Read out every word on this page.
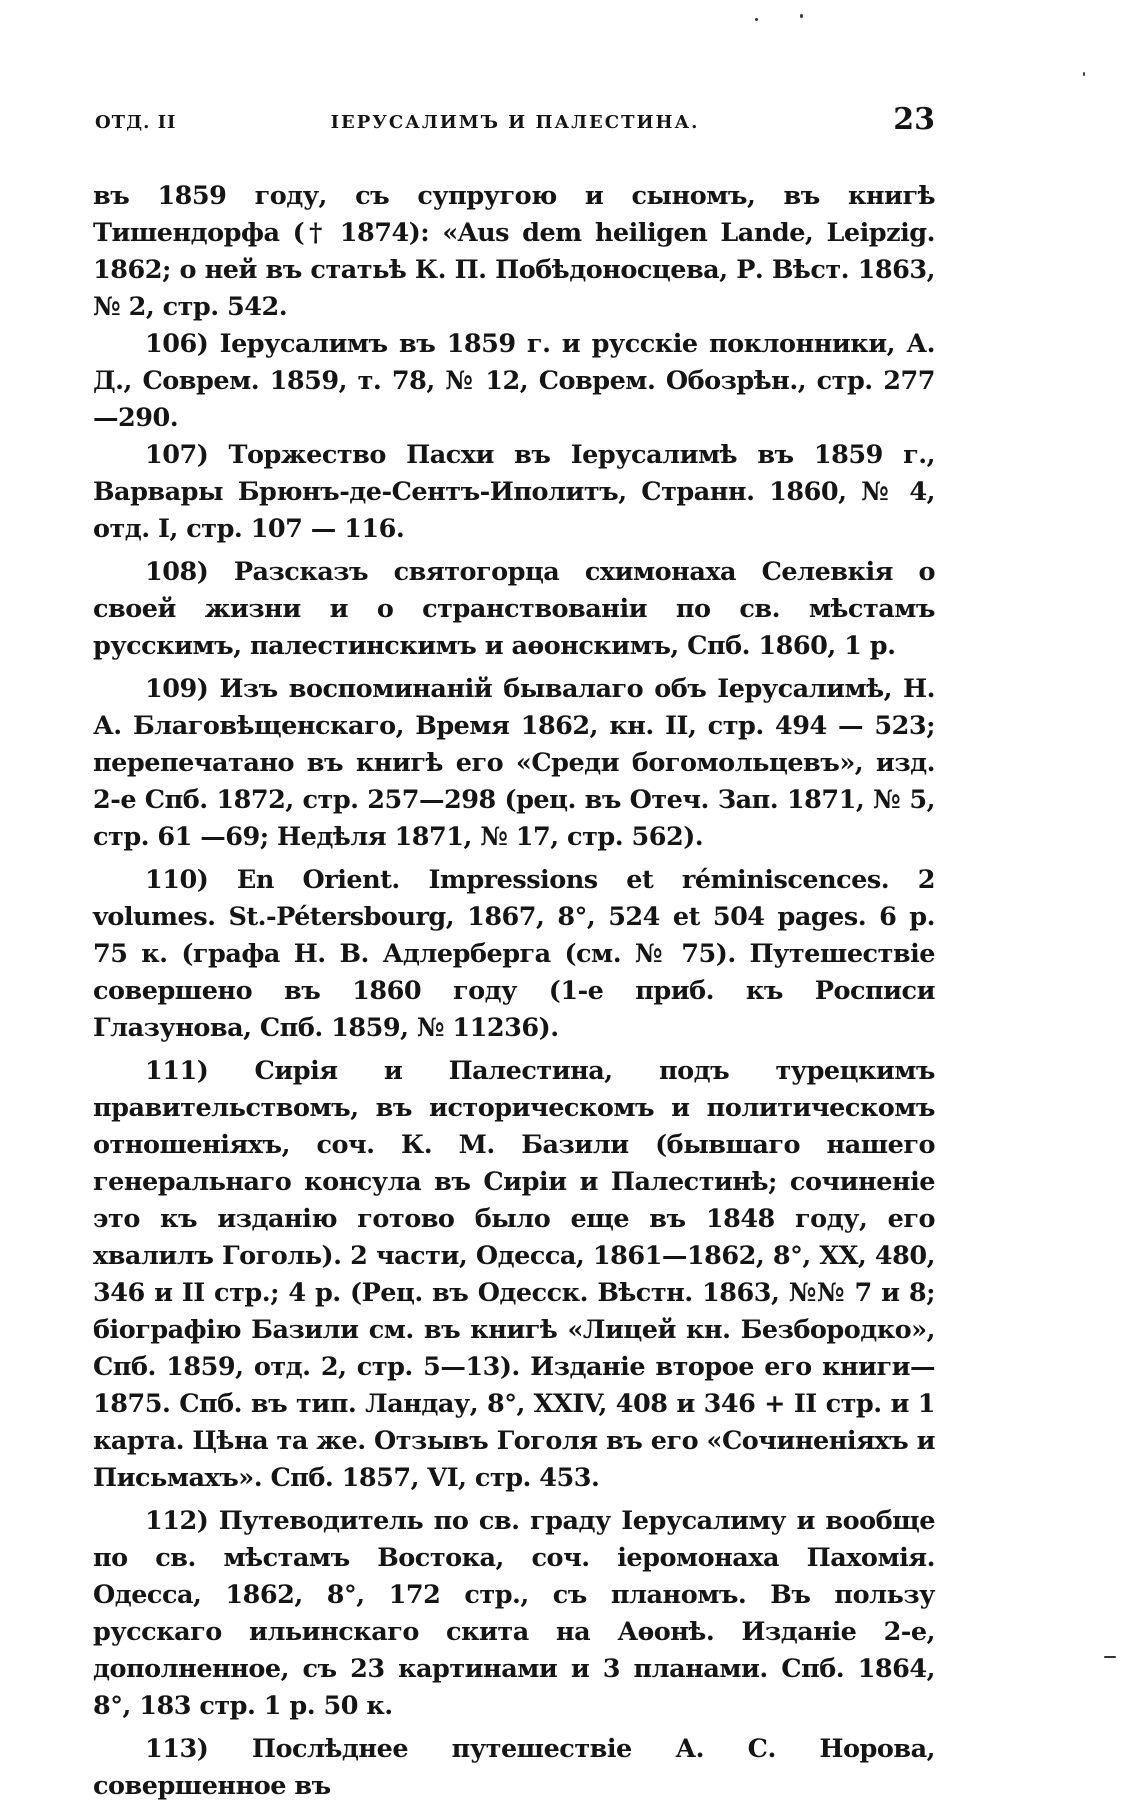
ОТД. II	ІЕРУСАЛИМЪ И ПАЛЕСТИНА.	23

въ 1859 году, съ супругою и сыномъ, въ книгѣ Тишендорфа († 1874): «Aus dem heiligen Lande, Leipzig. 1862; о ней въ статьѣ К. П. Побѣдоносцева, Р. Вѣст. 1863, № 2, стр. 542.

106) Іерусалимъ въ 1859 г. и русскіе поклонники, А. Д., Соврем. 1859, т. 78, № 12, Соврем. Обозрѣн., стр. 277—290.

107) Торжество Пасхи въ Іерусалимѣ въ 1859 г., Варвары Брюнъ-де-Сентъ-Иполитъ, Странн. 1860, № 4, отд. I, стр. 107 — 116.

108) Разсказъ святогорца схимонаха Селевкія о своей жизни и о странствованіи по св. мѣстамъ русскимъ, палестинскимъ и аѳонскимъ, Спб. 1860, 1 р.

109) Изъ воспоминаній бывалаго объ Іерусалимѣ, Н. А. Благовѣщенскаго, Время 1862, кн. II, стр. 494 — 523; перепечатано въ книгѣ его «Среди богомольцевъ», изд. 2-е Спб. 1872, стр. 257—298 (рец. въ Отеч. Зап. 1871, № 5, стр. 61 —69; Недѣля 1871, № 17, стр. 562).

110) En Orient. Impressions et réminiscences. 2 volumes. St.-Pétersbourg, 1867, 8°, 524 et 504 pages. 6 р. 75 к. (графа Н. В. Адлерберга (см. № 75). Путешествіе совершено въ 1860 году (1-е приб. къ Росписи Глазунова, Спб. 1859, № 11236).

111) Сирія и Палестина, подъ турецкимъ правительствомъ, въ историческомъ и политическомъ отношеніяхъ, соч. К. М. Базили (бывшаго нашего генеральнаго консула въ Сиріи и Палестинѣ; сочиненіе это къ изданію готово было еще въ 1848 году, его хвалилъ Гоголь). 2 части, Одесса, 1861—1862, 8°, XX, 480, 346 и II стр.; 4 р. (Рец. въ Одесск. Вѣстн. 1863, №№ 7 и 8; біографію Базили см. въ книгѣ «Лицей кн. Безбородко», Спб. 1859, отд. 2, стр. 5—13). Изданіе второе его книги—1875. Спб. въ тип. Ландау, 8°, XXIV, 408 и 346 + II стр. и 1 карта. Цѣна та же. Отзывъ Гоголя въ его «Сочиненіяхъ и Письмахъ». Спб. 1857, VI, стр. 453.

112) Путеводитель по св. граду Іерусалиму и вообще по св. мѣстамъ Востока, соч. іеромонаха Пахомія. Одесса, 1862, 8°, 172 стр., съ планомъ. Въ пользу русскаго ильинскаго скита на Аѳонѣ. Изданіе 2-е, дополненное, съ 23 картинами и 3 планами. Спб. 1864, 8°, 183 стр. 1 р. 50 к.

113) Послѣднее путешествіе А. С. Норова, совершенное въ
